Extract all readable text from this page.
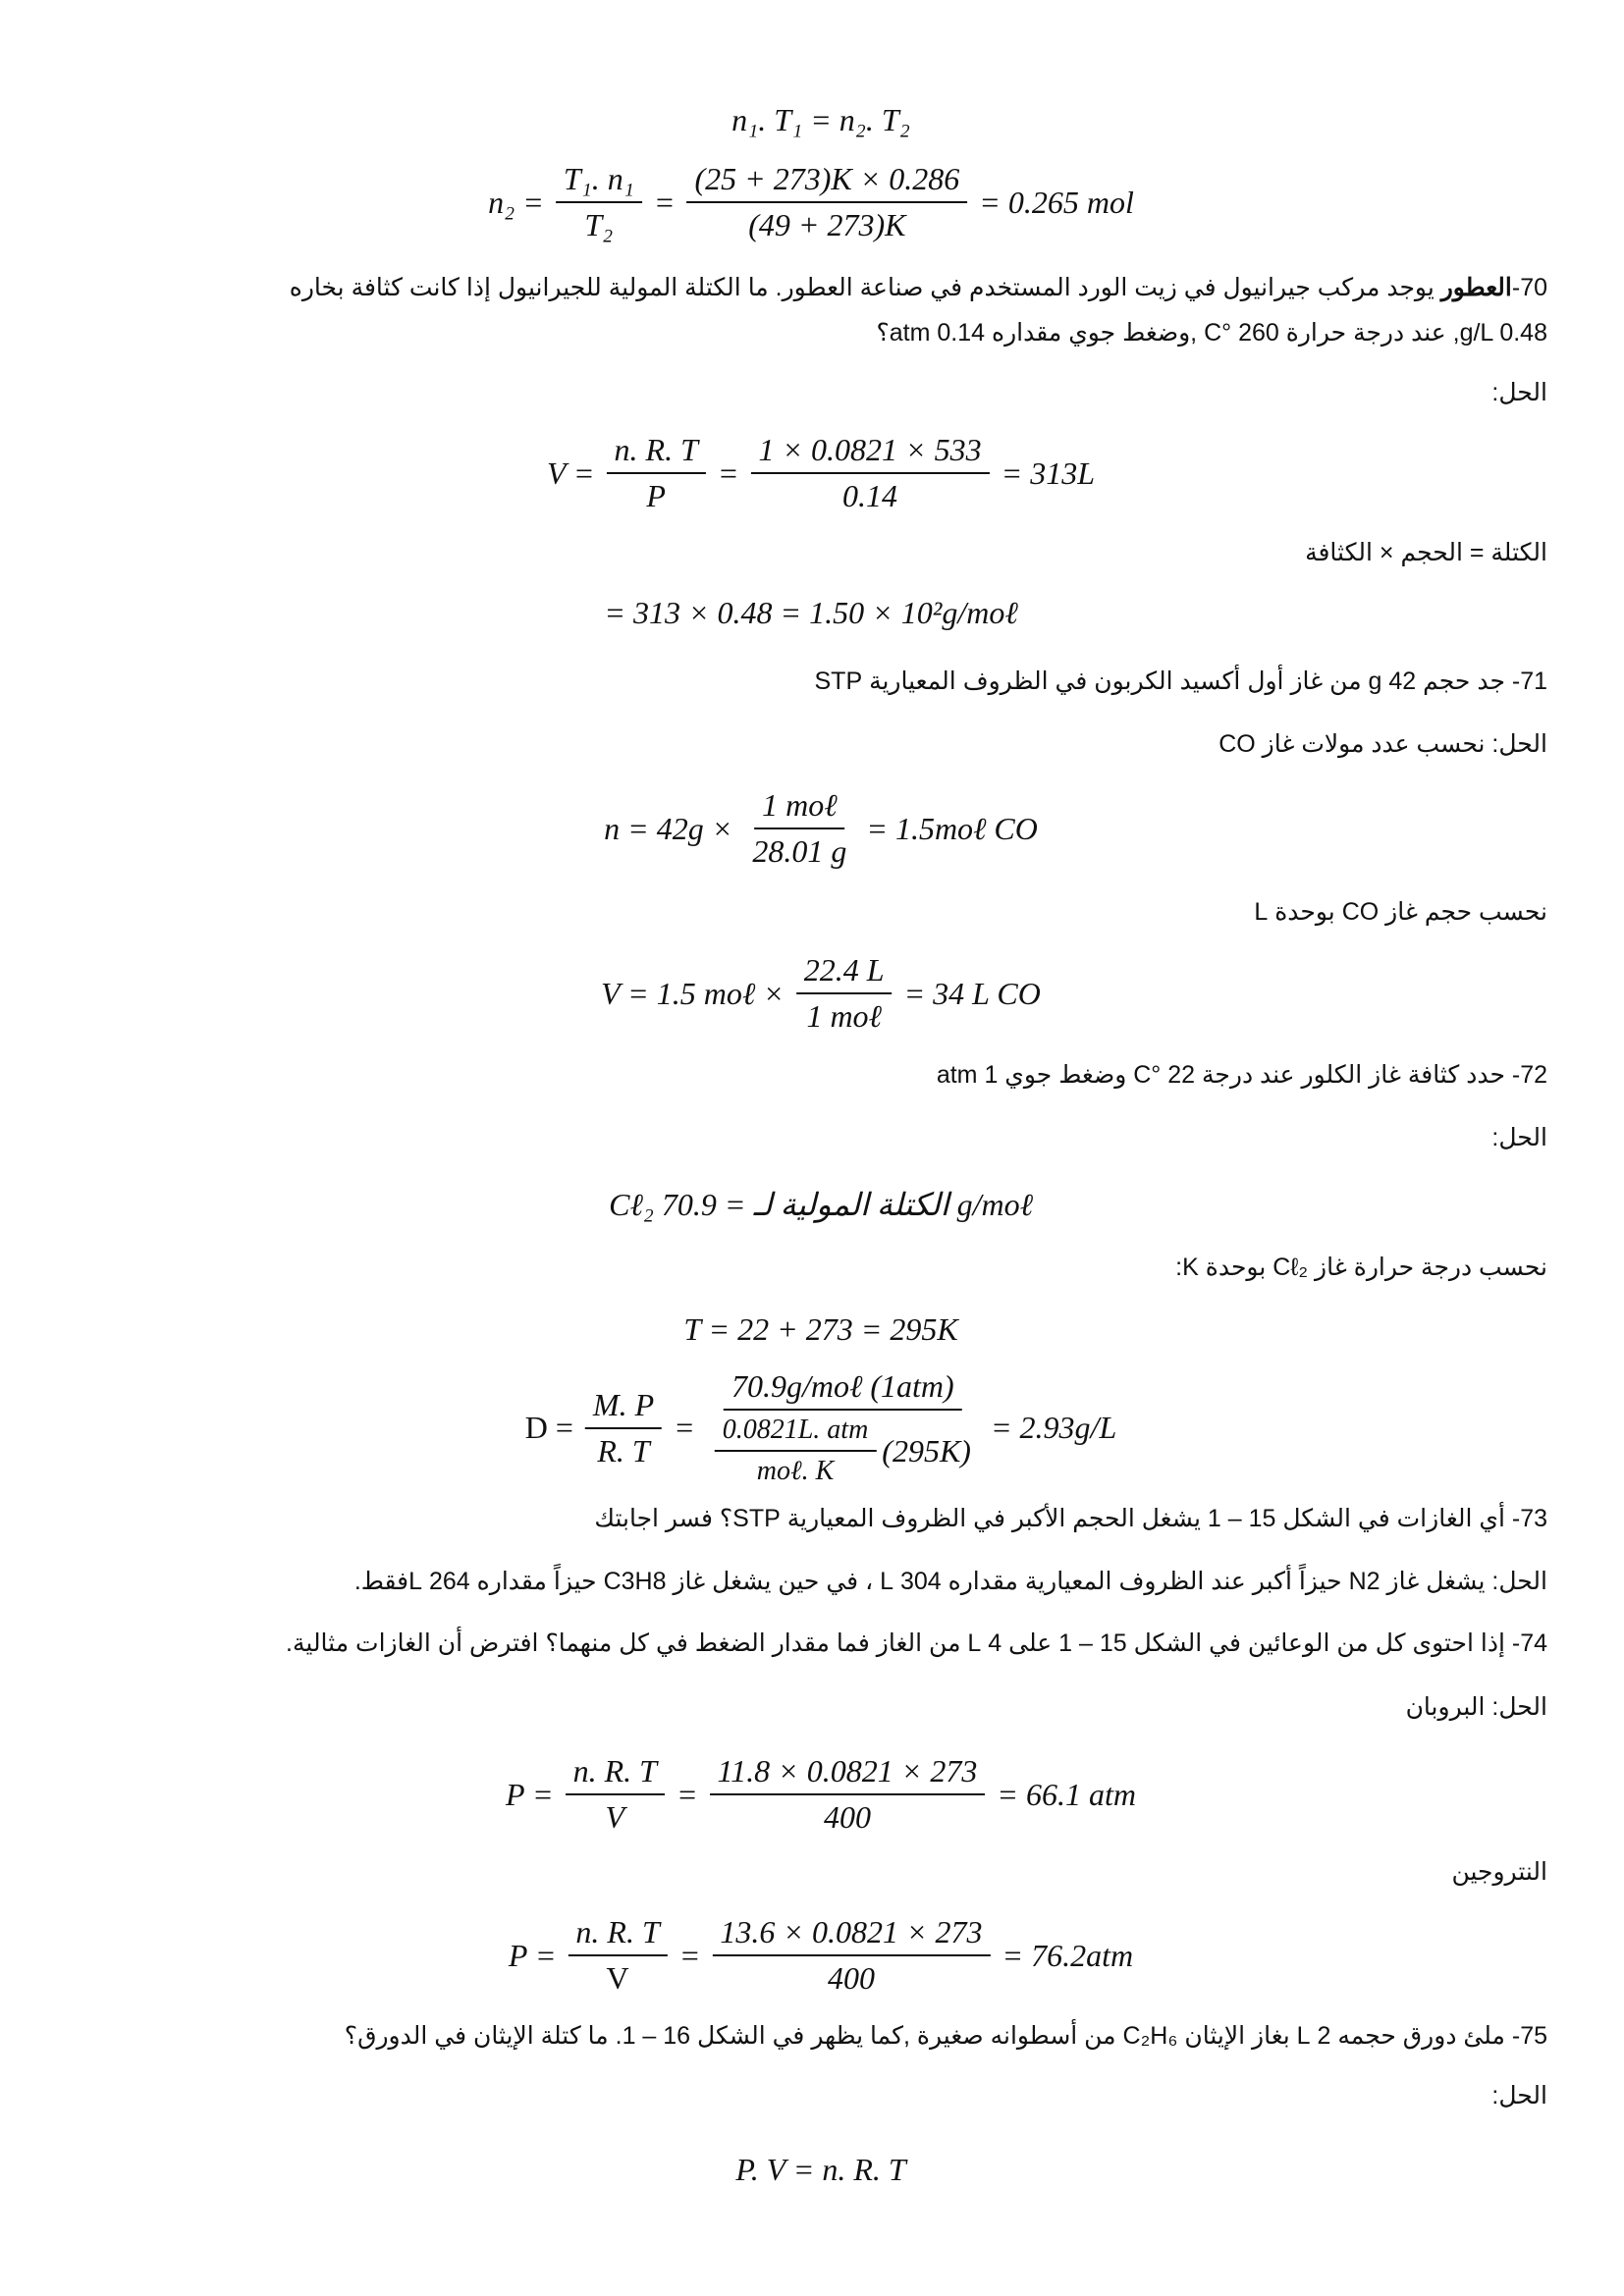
n₁. T₁ = n₂. T₂
$n_2 = \frac{\text{T₁. n₁}}{\text{T₂}} = \frac{(25 + 273)K \times 0.286}{(49 + 273)K} = 0.265$ mol
70-العطور يوجد مركب جيرانيول في زيت الورد المستخدم في صناعة العطور. ما الكتلة المولية للجيرانيول إذا كانت كثافة بخاره
g/L 0.48, عند درجة حرارة 260 °C ,وضغط جوي مقداره 0.14 atm؟
الحل:
$V = \frac{n. R. T}{P} = \frac{1 \times 0.0821 \times 533}{0.14} = 313L$
الكتلة = الحجم × الكثافة
= 313 × 0.48 = 1.50 × 10²g/moℓ
71- جد حجم 42 g من غاز أول أكسيد الكربون في الظروف المعيارية STP
الحل: نحسب عدد مولات غاز CO
n = 42g ×
1 moℓ
28.01 g
= 1.5moℓ CO
نحسب حجم غاز CO بوحدة L
V = 1.5 moℓ ×
22.4 L
1 moℓ
= 34 L CO
72- حدد كثافة غاز الكلور عند درجة 22 °C وضغط جوي 1 atm
الحل:
Cℓ₂ الكتلة المولية لـ = 70.9 g/moℓ
نحسب درجة حرارة غاز Cℓ₂ بوحدة K:
T = 22 + 273 = 295K
$D = \frac{M. P}{R. T}$ =
70.9g/moℓ (1atm)
0.0821L. atm
moℓ. K
(295K)
= 2.93g/L
73- أي الغازات في الشكل 15 – 1 يشغل الحجم الأكبر في الظروف المعيارية STP؟ فسر اجابتك
الحل: يشغل غاز N2 حيزاً أكبر عند الظروف المعيارية مقداره 304 L ، في حين يشغل غاز C3H8 حيزاً مقداره 264 Lفقط.
74- إذا احتوى كل من الوعائين في الشكل 15 – 1 على 4 L من الغاز فما مقدار الضغط في كل منهما؟ افترض أن الغازات مثالية.
الحل: البروبان
$P = \frac{n. R. T}{V} = \frac{11.8 \times 0.0821 \times 273}{400} = 66.1$ atm
النتروجين
$P = \frac{n. R. T}{V} = \frac{13.6 \times 0.0821 \times 273}{400} = 76.2atm$
75- ملئ دورق حجمه 2 L بغاز الإيثان C₂H₆ من أسطوانه صغيرة ,كما يظهر في الشكل 16 – 1. ما كتلة الإيثان في الدورق؟
الحل:
P. V = n. R. T
